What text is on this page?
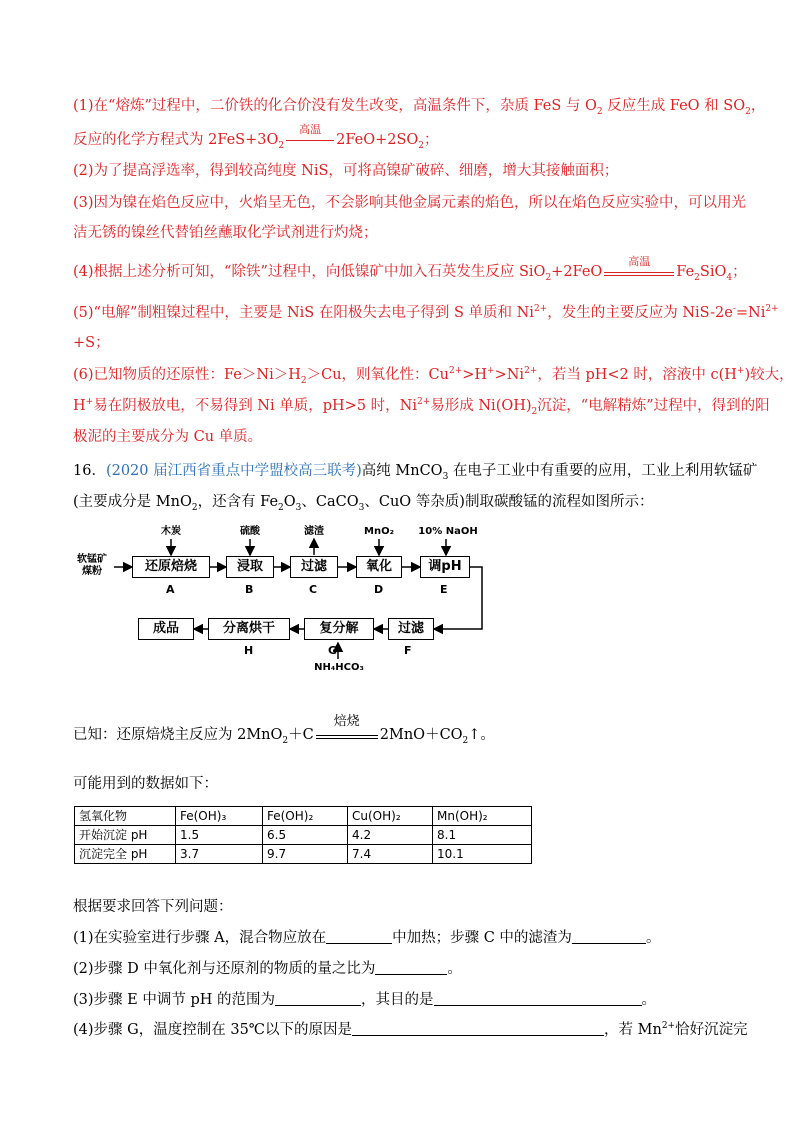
(1)在“熔炼”过程中，二价铁的化合价没有发生改变，高温条件下，杂质 FeS 与 $O_2$ 反应生成 FeO 和 $SO_2$，
反应的化学方程式为 $2FeS+3O_2$
高温
$2FeO+2SO_2$；
(2)为了提高浮选率，得到较高纯度 NiS，可将高镍矿破碎、细磨，增大其接触面积；
(3)因为镍在焰色反应中，火焰呈无色，不会影响其他金属元素的焰色，所以在焰色反应实验中，可以用光
洁无锈的镍丝代替铂丝蘸取化学试剂进行灼烧；
(4)根据上述分析可知，“除铁”过程中，向低镍矿中加入石英发生反应 SiO$_2$+2FeO
高温
$Fe_2SiO_4$；
(5)“电解”制粗镍过程中，主要是 NiS 在阳极失去电子得到 S 单质和 $Ni^{2+}$，发生的主要反应为 NiS-$2e^-=Ni^{2+}$
+S；
(6)已知物质的还原性：$Fe>Ni>H_2>Cu$，则氧化性：$Cu^{2+}>H^+>Ni^{2+}$，若当 pH<2 时，溶液中 c(H+)较大，
H+易在阴极放电，不易得到 Ni 单质，pH>5 时，$Ni^{2+}$易形成 $Ni(OH)_2$沉淀，“电解精炼”过程中，得到的阳
极泥的主要成分为 Cu 单质。
16．(2020 届江西省重点中学盟校高三联考)高纯 MnCO$_3$ 在电子工业中有重要的应用，工业上利用软锰矿
(主要成分是 MnO$_2$，还含有 $Fe_2O_3$、CaCO$_3$、CuO 等杂质)制取碳酸锰的流程如图所示：
软锰矿
煤粉
木炭	硫酸	滤渣	MnO₂ 10% NaOH
还原焙烧	浸取	过滤	氧化	调pH
A	B	C	D	E
过滤
复分解
分离烘干
成品
F
G
H
NH₄HCO₃
已知：还原焙烧主反应为 2MnO$_2$＋C
焙烧
$2MnO+CO_2↑$。
可能用到的数据如下：
氢氧化物	Fe(OH)₃	Fe(OH)₂	Cu(OH)₂	Mn(OH)₂
开始沉淀 pH	1.5	6.5	4.2	8.1
沉淀完全 pH	3.7	9.7	7.4	10.1
根据要求回答下列问题：
(1)在实验室进行步骤 A，混合物应放在	中加热；步骤 C 中的滤渣为	。
(2)步骤 D 中氧化剂与还原剂的物质的量之比为	。
(3)步骤 E 中调节 pH 的范围为	，其目的是	。
(4)步骤 G，温度控制在 35℃以下的原因是	，若 $Mn^{2+}$恰好沉淀完
